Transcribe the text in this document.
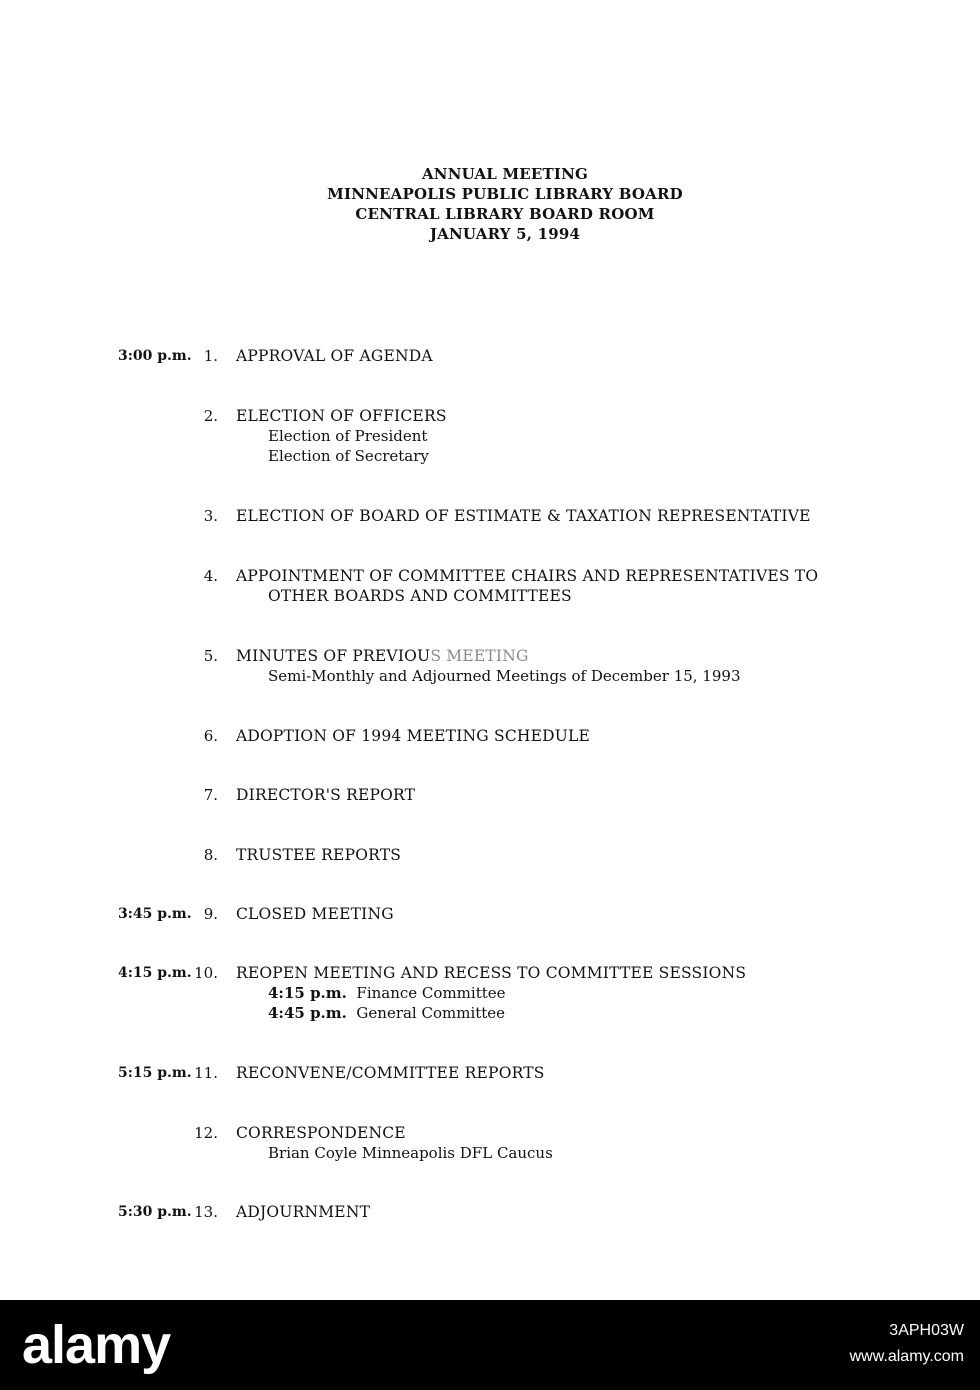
ANNUAL MEETING
MINNEAPOLIS PUBLIC LIBRARY BOARD
CENTRAL LIBRARY BOARD ROOM
JANUARY 5, 1994
3:00 p.m. 1. APPROVAL OF AGENDA
2. ELECTION OF OFFICERS
Election of President
Election of Secretary
3. ELECTION OF BOARD OF ESTIMATE & TAXATION REPRESENTATIVE
4. APPOINTMENT OF COMMITTEE CHAIRS AND REPRESENTATIVES TO
OTHER BOARDS AND COMMITTEES
5. MINUTES OF PREVIOUS MEETING
Semi-Monthly and Adjourned Meetings of December 15, 1993
6. ADOPTION OF 1994 MEETING SCHEDULE
7. DIRECTOR'S REPORT
8. TRUSTEE REPORTS
3:45 p.m. 9. CLOSED MEETING
4:15 p.m. 10. REOPEN MEETING AND RECESS TO COMMITTEE SESSIONS
4:15 p.m. Finance Committee
4:45 p.m. General Committee
5:15 p.m. 11. RECONVENE/COMMITTEE REPORTS
12. CORRESPONDENCE
Brian Coyle Minneapolis DFL Caucus
5:30 p.m. 13. ADJOURNMENT
alamy	3APH03W
www.alamy.com
